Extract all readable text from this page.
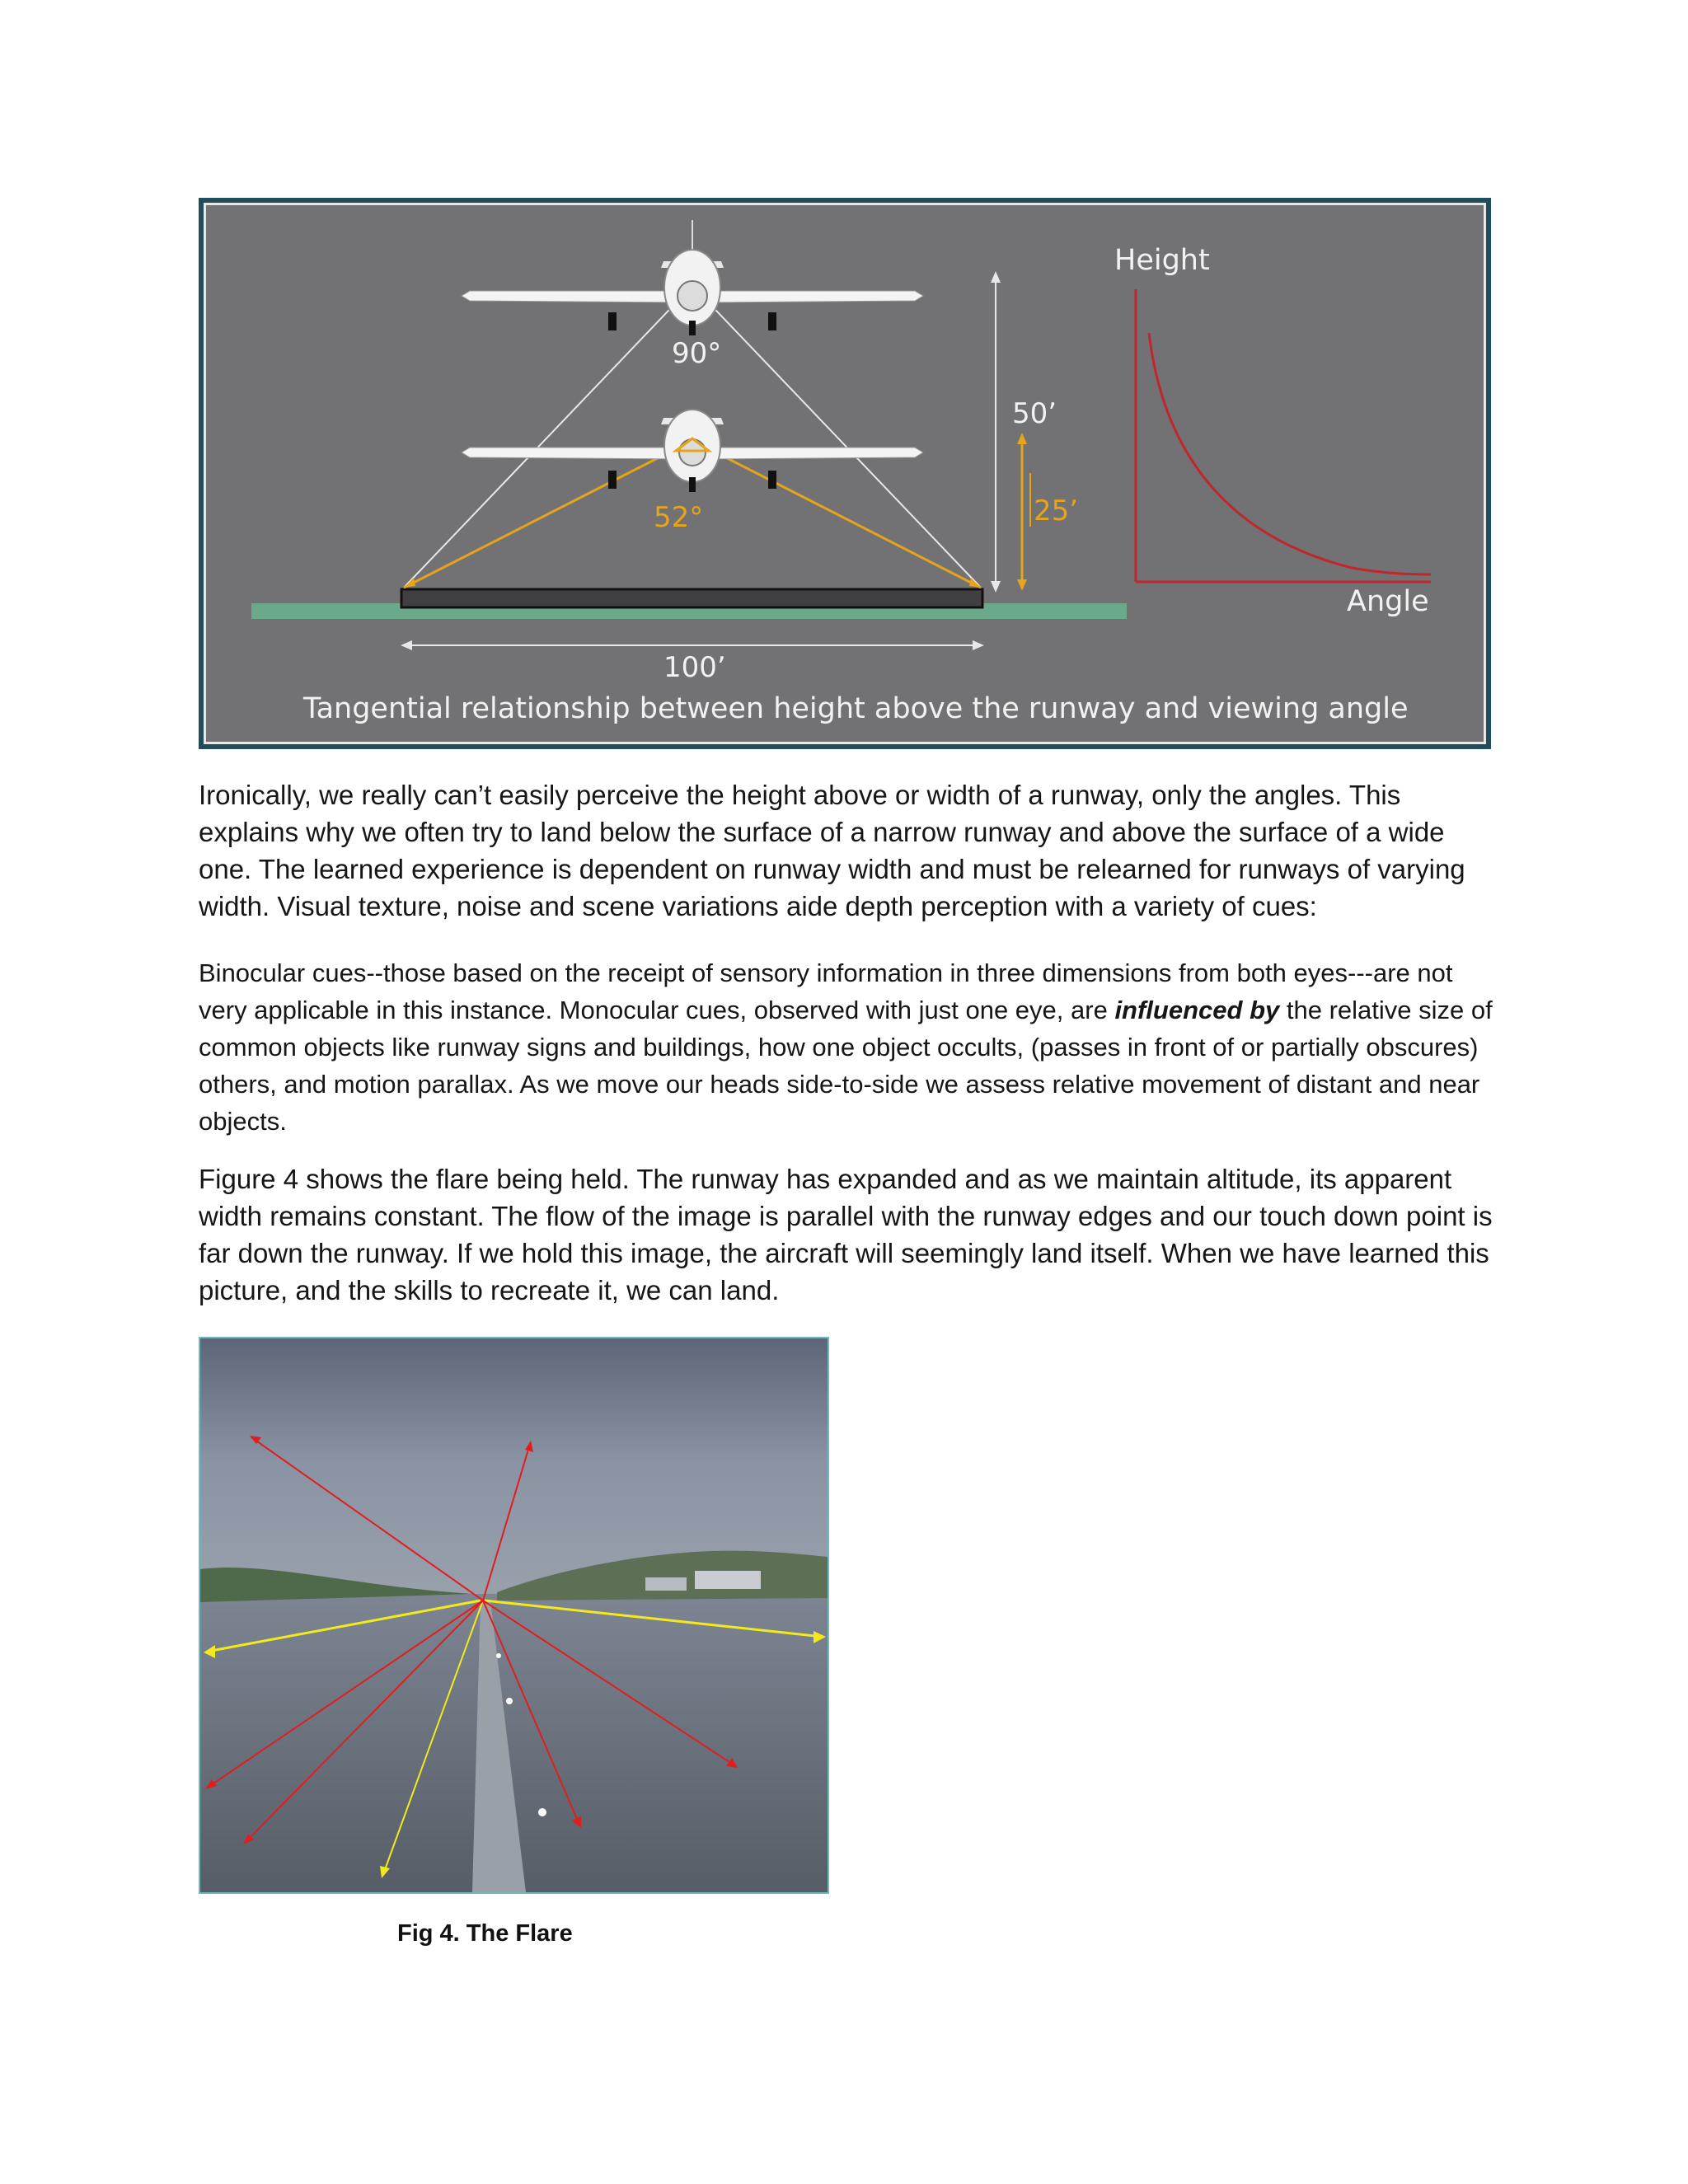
90°
52°
50’
25’
100’
Height
Angle
Tangential relationship between height above the runway and viewing angle

Ironically, we really can’t easily perceive the height above or width of a runway, only the angles. This explains why we often try to land below the surface of a narrow runway and above the surface of a wide one. The learned experience is dependent on runway width and must be relearned for runways of varying width. Visual texture, noise and scene variations aide depth perception with a variety of cues:

Binocular cues--those based on the receipt of sensory information in three dimensions from both eyes---are not very applicable in this instance. Monocular cues, observed with just one eye, are influenced by the relative size of common objects like runway signs and buildings, how one object occults, (passes in front of or partially obscures) others, and motion parallax. As we move our heads side-to-side we assess relative movement of distant and near objects.

Figure 4 shows the flare being held. The runway has expanded and as we maintain altitude, its apparent width remains constant. The flow of the image is parallel with the runway edges and our touch down point is far down the runway. If we hold this image, the aircraft will seemingly land itself. When we have learned this picture, and the skills to recreate it, we can land.

Fig 4. The Flare
